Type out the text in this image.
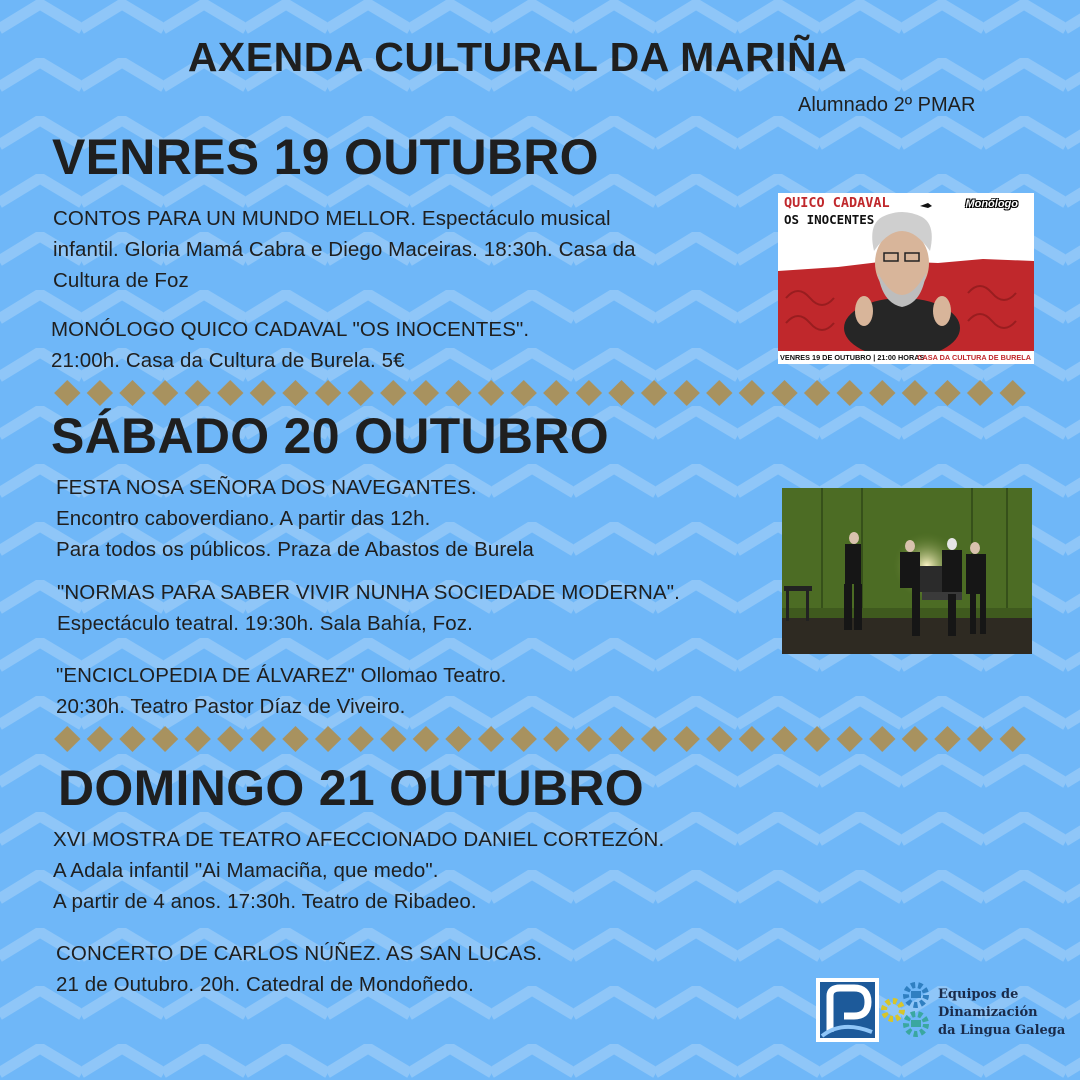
AXENDA CULTURAL DA MARIÑA
Alumnado 2º PMAR
VENRES 19 OUTUBRO
CONTOS PARA UN MUNDO MELLOR. Espectáculo musical
infantil. Gloria Mamá Cabra e Diego Maceiras. 18:30h. Casa da
Cultura de Foz
MONÓLOGO QUICO CADAVAL "OS INOCENTES".
21:00h. Casa da Cultura de Burela. 5€
QUICO CADAVAL
OS INOCENTES
Monólogo
VENRES 19 DE OUTUBRO | 21:00 HORAS
CASA DA CULTURA DE BURELA
SÁBADO 20 OUTUBRO
FESTA NOSA SEÑORA DOS NAVEGANTES.
Encontro caboverdiano. A partir das 12h.
Para todos os públicos. Praza de Abastos de Burela
"NORMAS PARA SABER VIVIR NUNHA SOCIEDADE MODERNA".
Espectáculo teatral. 19:30h. Sala Bahía, Foz.
"ENCICLOPEDIA DE ÁLVAREZ" Ollomao Teatro.
20:30h. Teatro Pastor Díaz de Viveiro.
DOMINGO 21 OUTUBRO
XVI MOSTRA DE TEATRO AFECCIONADO DANIEL CORTEZÓN.
A Adala infantil "Ai Mamaciña, que medo".
A partir de 4 anos. 17:30h. Teatro de Ribadeo.
CONCERTO DE CARLOS NÚÑEZ. AS SAN LUCAS.
21 de Outubro. 20h. Catedral de Mondoñedo.	Equipos de
Dinamización
da Lingua Galega
